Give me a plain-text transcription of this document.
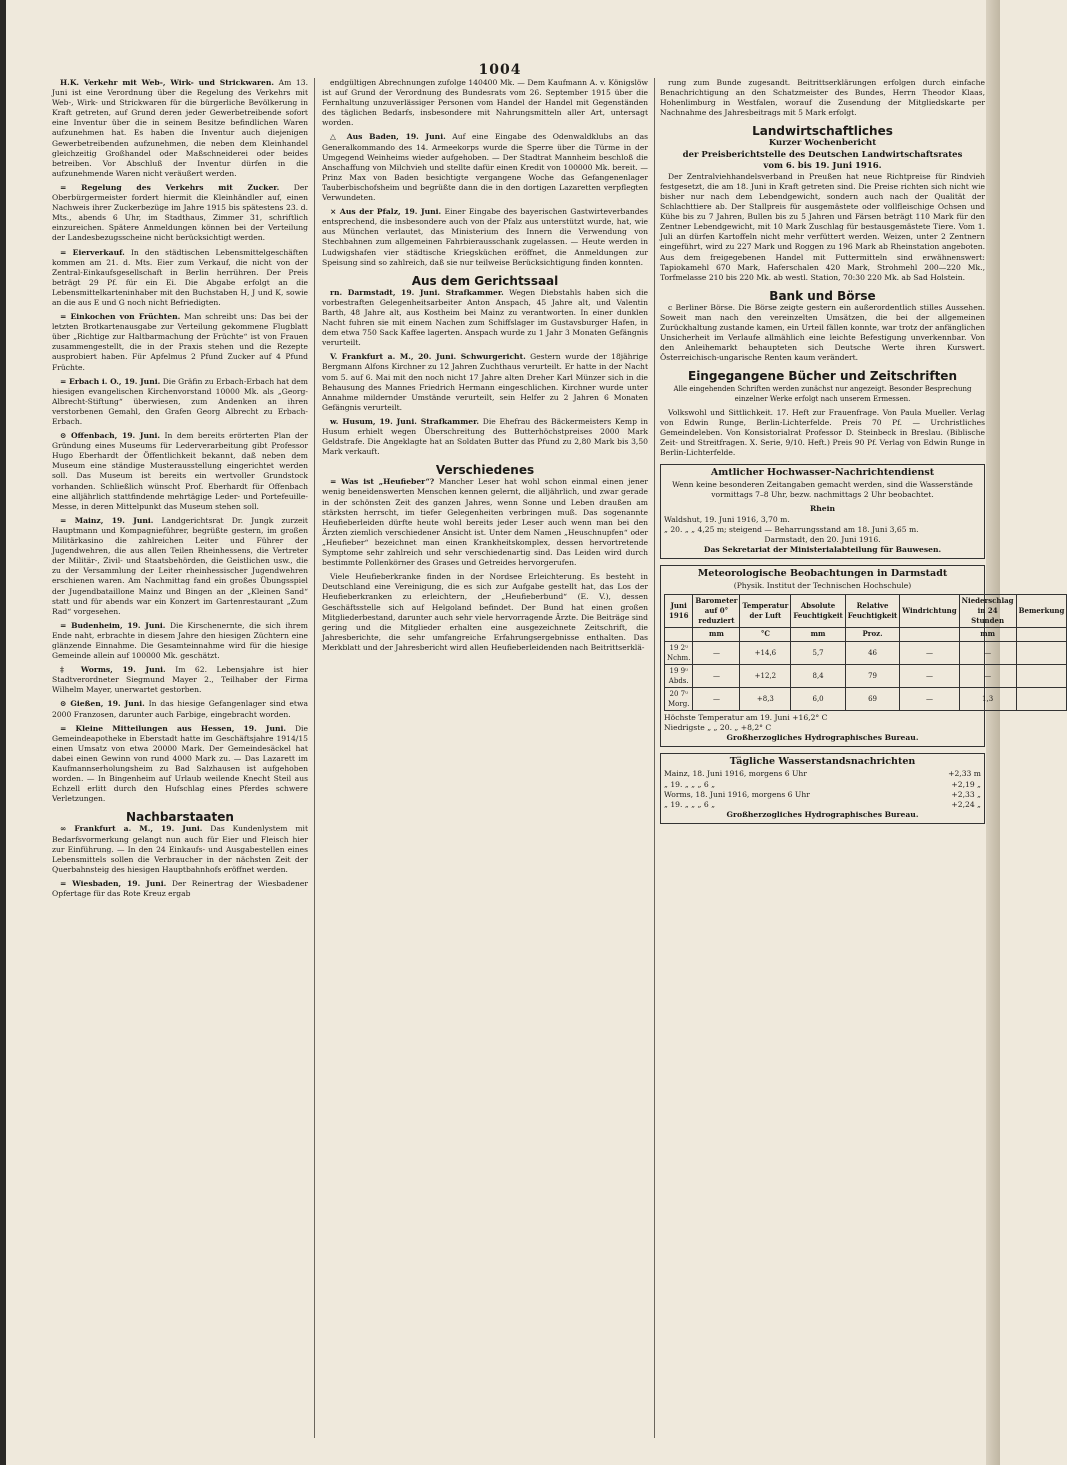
1004

H.K. Verkehr mit Web-, Wirk- und Strickwaren. Am 13. Juni ist eine Verordnung über die Regelung des Verkehrs mit Web-, Wirk- und Strickwaren für die bürgerliche Bevölkerung in Kraft getreten, auf Grund deren jeder Gewerbetreibende sofort eine Inventur über die in seinem Besitze befindlichen Waren aufzunehmen hat. Es haben die Inventur auch diejenigen Gewerbetreibenden aufzunehmen, die neben dem Kleinhandel gleichzeitig Großhandel oder Maßschneiderei oder beides betreiben. Vor Abschluß der Inventur dürfen in die aufzunehmende Waren nicht veräußert werden.

= Regelung des Verkehrs mit Zucker. Der Oberbürgermeister fordert hiermit die Kleinhändler auf, einen Nachweis ihrer Zuckerbezüge im Jahre 1915 bis spätestens 23. d. Mts., abends 6 Uhr, im Stadthaus, Zimmer 31, schriftlich einzureichen. Spätere Anmeldungen können bei der Verteilung der Landesbezugsscheine nicht berücksichtigt werden.

= Eierverkauf. In den städtischen Lebensmittelgeschäften kommen am 21. d. Mts. Eier zum Verkauf, die nicht von der Zentral-Einkaufsgesellschaft in Berlin herrühren. Der Preis beträgt 29 Pf. für ein Ei. Die Abgabe erfolgt an die Lebensmittelkarteninhaber mit den Buchstaben H, J und K, sowie an die aus E und G noch nicht Befriedigten.

= Einkochen von Früchten. Man schreibt uns: Das bei der letzten Brotkartenausgabe zur Verteilung gekommene Flugblatt über „Richtige zur Haltbarmachung der Früchte“ ist von Frauen zusammengestellt, die in der Praxis stehen und die Rezepte ausprobiert haben. Für Apfelmus 2 Pfund Zucker auf 4 Pfund Früchte.

= Erbach i. O., 19. Juni. Die Gräfin zu Erbach-Erbach hat dem hiesigen evangelischen Kirchenvorstand 10000 Mk. als „Georg-Albrecht-Stiftung“ überwiesen, zum Andenken an ihren verstorbenen Gemahl, den Grafen Georg Albrecht zu Erbach-Erbach.

⊙ Offenbach, 19. Juni. In dem bereits erörterten Plan der Gründung eines Museums für Lederverarbeitung gibt Professor Hugo Eberhardt der Öffentlichkeit bekannt, daß neben dem Museum eine ständige Musterausstellung eingerichtet werden soll. Das Museum ist bereits ein wertvoller Grundstock vorhanden. Schließlich wünscht Prof. Eberhardt für Offenbach eine alljährlich stattfindende mehrtägige Leder- und Portefeuille-Messe, in deren Mittelpunkt das Museum stehen soll.

= Mainz, 19. Juni. Landgerichtsrat Dr. Jungk zurzeit Hauptmann und Kompagnieführer, begrüßte gestern, im großen Militärkasino die zahlreichen Leiter und Führer der Jugendwehren, die aus allen Teilen Rheinhessens, die Vertreter der Militär-, Zivil- und Staatsbehörden, die Geistlichen usw., die zu der Versammlung der Leiter rheinhessischer Jugendwehren erschienen waren. Am Nachmittag fand ein großes Übungsspiel der Jugendbataillone Mainz und Bingen an der „Kleinen Sand“ statt und für abends war ein Konzert im Gartenrestaurant „Zum Rad“ vorgesehen.

= Budenheim, 19. Juni. Die Kirschenernte, die sich ihrem Ende naht, erbrachte in diesem Jahre den hiesigen Züchtern eine glänzende Einnahme. Die Gesamteinnahme wird für die hiesige Gemeinde allein auf 100000 Mk. geschätzt.

‡ Worms, 19. Juni. Im 62. Lebensjahre ist hier Stadtverordneter Siegmund Mayer 2., Teilhaber der Firma Wilhelm Mayer, unerwartet gestorben.

⊙ Gießen, 19. Juni. In das hiesige Gefangenlager sind etwa 2000 Franzosen, darunter auch Farbige, eingebracht worden.

= Kleine Mitteilungen aus Hessen, 19. Juni. Die Gemeindeapotheke in Eberstadt hatte im Geschäftsjahre 1914/15 einen Umsatz von etwa 20000 Mark. Der Gemeindesäckel hat dabei einen Gewinn von rund 4000 Mark zu. — Das Lazarett im Kaufmannserholungsheim zu Bad Salzhausen ist aufgehoben worden. — In Bingenheim auf Urlaub weilende Knecht Steil aus Echzell erlitt durch den Hufschlag eines Pferdes schwere Verletzungen.

Nachbarstaaten

∞ Frankfurt a. M., 19. Juni. Das Kundenlystem mit Bedarfsvormerkung gelangt nun auch für Eier und Fleisch hier zur Einführung. — In den 24 Einkaufs- und Ausgabestellen eines Lebensmittels sollen die Verbraucher in der nächsten Zeit der Querbahnsteig des hiesigen Hauptbahnhofs eröffnet werden.

= Wiesbaden, 19. Juni. Der Reinertrag der Wiesbadener Opfertage für das Rote Kreuz ergab

endgültigen Abrechnungen zufolge 140400 Mk. — Dem Kaufmann A. v. Königslöw ist auf Grund der Verordnung des Bundesrats vom 26. September 1915 über die Fernhaltung unzuverlässiger Personen vom Handel der Handel mit Gegenständen des täglichen Bedarfs, insbesondere mit Nahrungsmitteln aller Art, untersagt worden.

△ Aus Baden, 19. Juni. Auf eine Eingabe des Odenwaldklubs an das Generalkommando des 14. Armeekorps wurde die Sperre über die Türme in der Umgegend Weinheims wieder aufgehoben. — Der Stadtrat Mannheim beschloß die Anschaffung von Milchvieh und stellte dafür einen Kredit von 100000 Mk. bereit. — Prinz Max von Baden besichtigte vergangene Woche das Gefangenenlager Tauberbischofsheim und begrüßte dann die in den dortigen Lazaretten verpflegten Verwundeten.

× Aus der Pfalz, 19. Juni. Einer Eingabe des bayerischen Gastwirteverbandes entsprechend, die insbesondere auch von der Pfalz aus unterstützt wurde, hat, wie aus München verlautet, das Ministerium des Innern die Verwendung von Stechbahnen zum allgemeinen Fahrbierausschank zugelassen. — Heute werden in Ludwigshafen vier städtische Kriegsküchen eröffnet, die Anmeldungen zur Speisung sind so zahlreich, daß sie nur teilweise Berücksichtigung finden konnten.

Aus dem Gerichtssaal

rn. Darmstadt, 19. Juni. Strafkammer. Wegen Diebstahls haben sich die vorbestraften Gelegenheitsarbeiter Anton Anspach, 45 Jahre alt, und Valentin Barth, 48 Jahre alt, aus Kostheim bei Mainz zu verantworten. In einer dunklen Nacht fuhren sie mit einem Nachen zum Schiffslager im Gustavsburger Hafen, in dem etwa 750 Sack Kaffee lagerten. Anspach wurde zu 1 Jahr 3 Monaten Gefängnis verurteilt.

V. Frankfurt a. M., 20. Juni. Schwurgericht. Gestern wurde der 18jährige Bergmann Alfons Kirchner zu 12 Jahren Zuchthaus verurteilt. Er hatte in der Nacht vom 5. auf 6. Mai mit den noch nicht 17 Jahre alten Dreher Karl Münzer sich in die Behausung des Mannes Friedrich Hermann eingeschlichen. Kirchner wurde unter Annahme mildernder Umstände verurteilt, sein Helfer zu 2 Jahren 6 Monaten Gefängnis verurteilt.

w. Husum, 19. Juni. Strafkammer. Die Ehefrau des Bäckermeisters Kemp in Husum erhielt wegen Überschreitung des Butterhöchstpreises 2000 Mark Geldstrafe. Die Angeklagte hat an Soldaten Butter das Pfund zu 2,80 Mark bis 3,50 Mark verkauft.

Verschiedenes

= Was ist „Heufieber“? Mancher Leser hat wohl schon einmal einen jener wenig beneidenswerten Menschen kennen gelernt, die alljährlich, und zwar gerade in der schönsten Zeit des ganzen Jahres, wenn Sonne und Leben draußen am stärksten herrscht, im tiefer Gelegenheiten verbringen muß. Das sogenannte Heufieberleiden dürfte heute wohl bereits jeder Leser auch wenn man bei den Ärzten ziemlich verschiedener Ansicht ist. Unter dem Namen „Heuschnupfen“ oder „Heufieber“ bezeichnet man einen Krankheitskomplex, dessen hervortretende Symptome sehr zahlreich und sehr verschiedenartig sind. Das Leiden wird durch bestimmte Pollenkörner des Grases und Getreides hervorgerufen.

Viele Heufieberkranke finden in der Nordsee Erleichterung. Es besteht in Deutschland eine Vereinigung, die es sich zur Aufgabe gestellt hat, das Los der Heufieberkranken zu erleichtern, der „Heufieberbund“ (E. V.), dessen Geschäftsstelle sich auf Helgoland befindet. Der Bund hat einen großen Mitgliederbestand, darunter auch sehr viele hervorragende Ärzte. Die Beiträge sind gering und die Mitglieder erhalten eine ausgezeichnete Zeitschrift, die Jahresberichte, die sehr umfangreiche Erfahrungsergebnisse enthalten. Das Merkblatt und der Jahresbericht wird allen Heufieberleidenden nach Beitrittserklä-

rung zum Bunde zugesandt. Beitrittserklärungen erfolgen durch einfache Benachrichtigung an den Schatzmeister des Bundes, Herrn Theodor Klaas, Hohenlimburg in Westfalen, worauf die Zusendung der Mitgliedskarte per Nachnahme des Jahresbeitrags mit 5 Mark erfolgt.

Landwirtschaftliches
Kurzer Wochenbericht
der Preisberichtstelle des Deutschen Landwirtschaftsrates
vom 6. bis 19. Juni 1916.

Der Zentralviehhandelsverband in Preußen hat neue Richtpreise für Rindvieh festgesetzt, die am 18. Juni in Kraft getreten sind. Die Preise richten sich nicht wie bisher nur nach dem Lebendgewicht, sondern auch nach der Qualität der Schlachttiere ab. Der Stallpreis für ausgemästete oder vollfleischige Ochsen und Kühe bis zu 7 Jahren, Bullen bis zu 5 Jahren und Färsen beträgt 110 Mark für den Zentner Lebendgewicht, mit 10 Mark Zuschlag für bestausgemästete Tiere. Vom 1. Juli an dürfen Kartoffeln nicht mehr verfüttert werden. Weizen, unter 2 Zentnern eingeführt, wird zu 227 Mark und Roggen zu 196 Mark ab Rheinstation angeboten. Aus dem freigegebenen Handel mit Futtermitteln sind erwähnenswert: Tapiokamehl 670 Mark, Haferschalen 420 Mark, Strohmehl 200—220 Mk., Torfmelasse 210 bis 220 Mk. ab westl. Station, 70:30 220 Mk. ab Sad Holstein.

Bank und Börse

c Berliner Börse. Die Börse zeigte gestern ein außerordentlich stilles Aussehen. Soweit man nach den vereinzelten Umsätzen, die bei der allgemeinen Zurückhaltung zustande kamen, ein Urteil fällen konnte, war trotz der anfänglichen Unsicherheit im Verlaufe allmählich eine leichte Befestigung unverkennbar. Von den Anleihemarkt behaupteten sich Deutsche Werte ihren Kurswert. Österreichisch-ungarische Renten kaum verändert.

Eingegangene Bücher und Zeitschriften

Alle eingehenden Schriften werden zunächst nur angezeigt. Besonder Besprechung einzelner Werke erfolgt nach unserem Ermessen.

Volkswohl und Sittlichkeit. 17. Heft zur Frauenfrage. Von Paula Mueller. Verlag von Edwin Runge, Berlin-Lichterfelde. Preis 70 Pf. — Urchristliches Gemeindeleben. Von Konsistorialrat Professor D. Steinbeck in Breslau. (Biblische Zeit- und Streitfragen. X. Serie, 9/10. Heft.) Preis 90 Pf. Verlag von Edwin Runge in Berlin-Lichterfelde.

Amtlicher Hochwasser-Nachrichtendienst

Wenn keine besonderen Zeitangaben gemacht werden, sind die Wasserstände vormittags 7–8 Uhr, bezw. nachmittags 2 Uhr beobachtet.

Rhein
Waldshut, 19. Juni 1916, 3,70 m.
„ 20. „ „ 4,25 m; steigend — Beharrungsstand am 18. Juni 3,65 m.
Darmstadt, den 20. Juni 1916.
Das Sekretariat der Ministerialabteilung für Bauwesen.
Meteorologische Beobachtungen in Darmstadt
(Physik. Institut der Technischen Hochschule)
Juni 1916	Barometer auf 0° reduziert	Temperatur der Luft	Absolute Feuchtigkeit	Relative Feuchtigkeit	Windrichtung	Niederschlag in 24 Stunden	Bemerkung
	mm	°C	mm	Proz.		mm	
19 2ᵘ Nchm.	—	+14,6	5,7	46	—	—	
19 9ᵘ Abds.	—	+12,2	8,4	79	—	—	
20 7ᵘ Morg.	—	+8,3	6,0	69	—	1,3	
Höchste Temperatur am 19. Juni +16,2° C
Niedrigste „ „ 20. „ +8,2° C
Großherzogliches Hydrographisches Bureau.
Tägliche Wasserstandsnachrichten
Mainz, 18. Juni 1916, morgens 6 Uhr	+2,33 m
„ 19. „ „ „ 6 „	+2,19 „
Worms, 18. Juni 1916, morgens 6 Uhr	+2,33 „
„ 19. „ „ „ 6 „	+2,24 „
Großherzogliches Hydrographisches Bureau.
